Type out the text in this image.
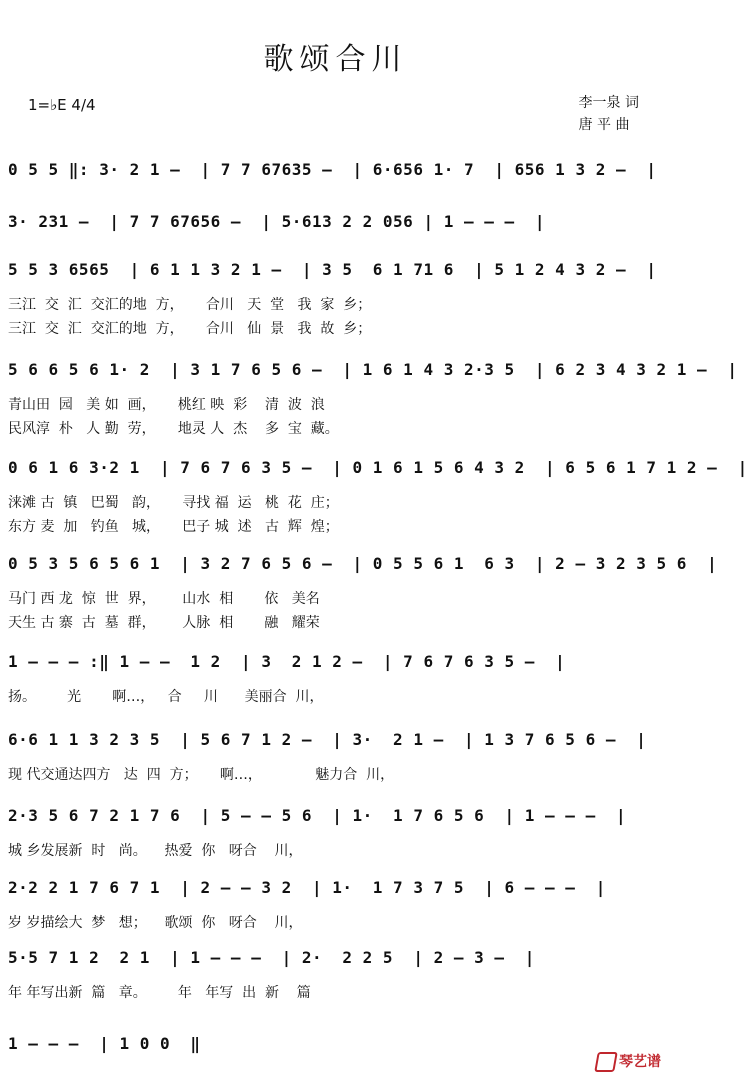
歌颂合川
1=♭E 4/4	李一泉 词
唐 平 曲
0 5 5 ‖: 3· 2 1 –  | 7 7 67635 –  | 6·656 1· 7  | 656 1 3 2 –  |
3· 231 –  | 7 7 67656 –  | 5·613 2 2 056 | 1 – – –  |
5 5 3 6565  | 6 1 1 3 2 1 –  | 3 5  6 1 71 6  | 5 1 2 4 3 2 –  |
三江  交  汇  交汇的地  方，     合川   天  堂   我  家  乡；
三江  交  汇  交汇的地  方，     合川   仙  景   我  故  乡；
5 6 6 5 6 1· 2  | 3 1 7 6 5 6 –  | 1 6 1 4 3 2·3 5  | 6 2 3 4 3 2 1 –  |
青山田  园   美 如  画，     桃红 映  彩    清  波  浪
民风淳  朴   人 勤  劳，     地灵 人  杰    多  宝  藏。
0 6 1 6 3·2 1  | 7 6 7 6 3 5 –  | 0 1 6 1 5 6 4 3 2  | 6 5 6 1 7 1 2 –  |
涞滩 古  镇   巴蜀   韵，     寻找 福  运   桃  花  庄；
东方 麦  加   钓鱼   城，     巴子 城  述   古  辉  煌；
0 5 3 5 6 5 6 1  | 3 2 7 6 5 6 –  | 0 5 5 6 1  6 3  | 2 – 3 2 3 5 6  |
马门 西 龙  惊  世  界，      山水  相       依   美名
天生 古 寨  古  墓  群，      人脉  相       融   耀荣
1 – – – :‖ 1 – –  1 2  | 3  2 1 2 –  | 7 6 7 6 3 5 –  |
扬。       光       啊…，   合     川      美丽合  川，
6·6 1 1 3 2 3 5  | 5 6 7 1 2 –  | 3·  2 1 –  | 1 3 7 6 5 6 –  |
现 代交通达四方   达  四  方；     啊…，            魅力合  川，
2·3 5 6 7 2 1 7 6  | 5 – – 5 6  | 1·  1 7 6 5 6  | 1 – – –  |
城 乡发展新  时   尚。    热爱  你   呀合    川，
2·2 2 1 7 6 7 1  | 2 – – 3 2  | 1·  1 7 3 7 5  | 6 – – –  |
岁 岁描绘大  梦   想；    歌颂  你   呀合    川，
5·5 7 1 2  2 1  | 1 – – –  | 2·  2 2 5  | 2 – 3 –  |
年 年写出新  篇   章。       年   年写  出  新    篇
1 – – –  | 1 0 0  ‖
琴艺谱
